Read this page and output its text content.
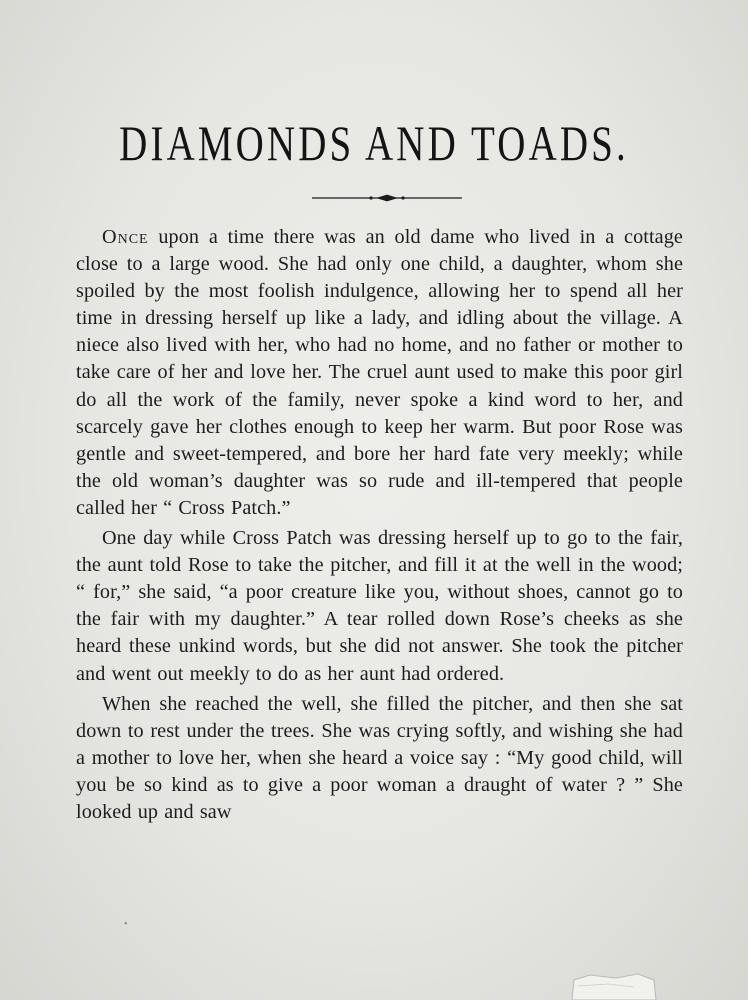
DIAMONDS AND TOADS.

Once upon a time there was an old dame who lived in a cottage close to a large wood. She had only one child, a daughter, whom she spoiled by the most foolish indulgence, allowing her to spend all her time in dressing herself up like a lady, and idling about the village. A niece also lived with her, who had no home, and no father or mother to take care of her and love her. The cruel aunt used to make this poor girl do all the work of the family, never spoke a kind word to her, and scarcely gave her clothes enough to keep her warm. But poor Rose was gentle and sweet-tempered, and bore her hard fate very meekly; while the old woman’s daughter was so rude and ill-tempered that people called her “ Cross Patch.”

One day while Cross Patch was dressing herself up to go to the fair, the aunt told Rose to take the pitcher, and fill it at the well in the wood; “ for,” she said, “a poor creature like you, without shoes, cannot go to the fair with my daughter.” A tear rolled down Rose’s cheeks as she heard these unkind words, but she did not answer. She took the pitcher and went out meekly to do as her aunt had ordered.

When she reached the well, she filled the pitcher, and then she sat down to rest under the trees. She was crying softly, and wishing she had a mother to love her, when she heard a voice say : “My good child, will you be so kind as to give a poor woman a draught of water ? ” She looked up and saw

•
